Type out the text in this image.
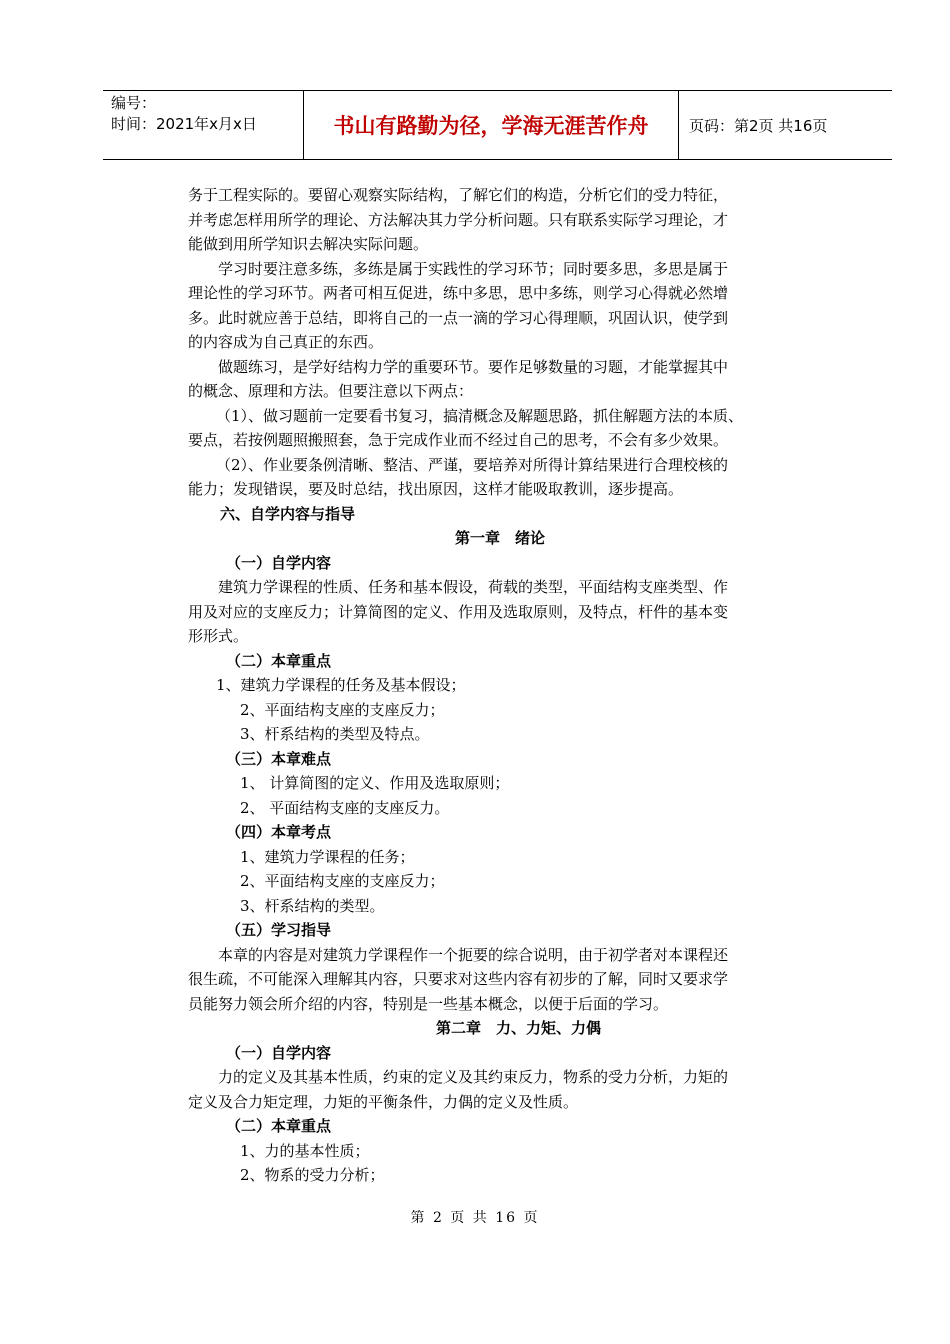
编号：
时间：2021年x月x日	书山有路勤为径，学海无涯苦作舟	页码：第2页 共16页

务于工程实际的。要留心观察实际结构，了解它们的构造，分析它们的受力特征，

并考虑怎样用所学的理论、方法解决其力学分析问题。只有联系实际学习理论，才

能做到用所学知识去解决实际问题。

学习时要注意多练，多练是属于实践性的学习环节；同时要多思，多思是属于

理论性的学习环节。两者可相互促进，练中多思，思中多练，则学习心得就必然增

多。此时就应善于总结，即将自己的一点一滴的学习心得理顺，巩固认识，使学到

的内容成为自己真正的东西。

做题练习，是学好结构力学的重要环节。要作足够数量的习题，才能掌握其中

的概念、原理和方法。但要注意以下两点：

（1）、做习题前一定要看书复习，搞清概念及解题思路，抓住解题方法的本质、

要点，若按例题照搬照套，急于完成作业而不经过自己的思考，不会有多少效果。

（2）、作业要条例清晰、整洁、严谨，要培养对所得计算结果进行合理校核的

能力；发现错误，要及时总结，找出原因，这样才能吸取教训，逐步提高。

六、自学内容与指导

第一章　绪论

（一）自学内容

建筑力学课程的性质、任务和基本假设，荷载的类型，平面结构支座类型、作

用及对应的支座反力；计算简图的定义、作用及选取原则，及特点，杆件的基本变

形形式。

（二）本章重点

1、建筑力学课程的任务及基本假设；

2、平面结构支座的支座反力；

3、杆系结构的类型及特点。

（三）本章难点

1、 计算简图的定义、作用及选取原则；

2、 平面结构支座的支座反力。

（四）本章考点

1、建筑力学课程的任务；

2、平面结构支座的支座反力；

3、杆系结构的类型。

（五）学习指导

本章的内容是对建筑力学课程作一个扼要的综合说明，由于初学者对本课程还

很生疏，不可能深入理解其内容，只要求对这些内容有初步的了解，同时又要求学

员能努力领会所介绍的内容，特别是一些基本概念，以便于后面的学习。

第二章　力、力矩、力偶

（一）自学内容

力的定义及其基本性质，约束的定义及其约束反力，物系的受力分析，力矩的

定义及合力矩定理，力矩的平衡条件，力偶的定义及性质。

（二）本章重点

1、力的基本性质；

2、物系的受力分析；

第 2 页 共 16 页
